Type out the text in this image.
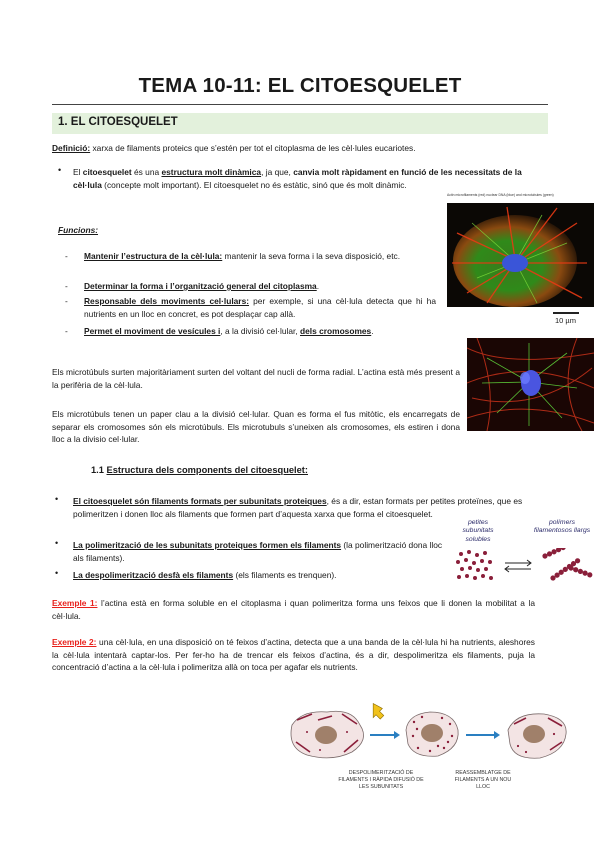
TEMA 10-11: EL CITOESQUELET
1. EL CITOESQUELET
Definició: xarxa de filaments proteics que s’estén per tot el citoplasma de les cèl·lules eucariotes.
• El citoesquelet és una estructura molt dinàmica, ja que, canvia molt ràpidament en funció de les necessitats de la cèl·lula (concepte molt important). El citoesquelet no és estàtic, sinó que és molt dinàmic.
Funcions:
- Mantenir l’estructura de la cèl·lula: mantenir la seva forma i la seva disposició, etc.
- Determinar la forma i l’organització general del citoplasma.
- Responsable dels moviments cel·lulars: per exemple, si una cèl·lula detecta que hi ha nutrients en un lloc en concret, es pot desplaçar cap allà.
- Permet el moviment de vesícules i, a la divisió cel·lular, dels cromosomes.
Actin microfilaments (red) nuclear DNA (blue) and microtubules (green)
10 µm
Els microtúbuls surten majoritàriament surten del voltant del nucli de forma radial. L’actina està més present a la perifèria de la cèl·lula.
Els microtúbuls tenen un paper clau a la divisió cel·lular. Quan es forma el fus mitòtic, els encarregats de separar els cromosomes són els microtúbuls. Els microtubuls s’uneixen als cromosomes, els estiren i dona lloc a la divisio cel·lular.
1.1 Estructura dels components del citoesquelet:
• El citoesquelet són filaments formats per subunitats proteiques, és a dir, estan formats per petites proteïnes, que es polimeritzen i donen lloc als filaments que formen part d’aquesta xarxa que forma el citoesquelet.
• La polimerització de les subunitats proteiques formen els filaments (la polimerització dona lloc als filaments).
• La despolimerització desfà els filaments (els filaments es trenquen).
petites subunitats solubles
polímers filamentosos llargs
Exemple 1: l’actina està en forma soluble en el citoplasma i quan polimeritza forma uns feixos que li donen la mobilitat a la cèl·lula.
Exemple 2: una cèl·lula, en una disposició on té feixos d’actina, detecta que a una banda de la cèl·lula hi ha nutrients, aleshores la cèl·lula intentarà captar-los. Per fer-ho ha de trencar els feixos d’actina, és a dir, despolimeritza els filaments, puja la concentració d’actina a la cèl·lula i polimeritza allà on toca per agafar els nutrients.
DESPOLIMERITZACIÓ DE FILAMENTS I RÀPIDA DIFUSIÓ DE LES SUBUNITATS
REASSEMBLATGE DE FILAMENTS A UN NOU LLOC
